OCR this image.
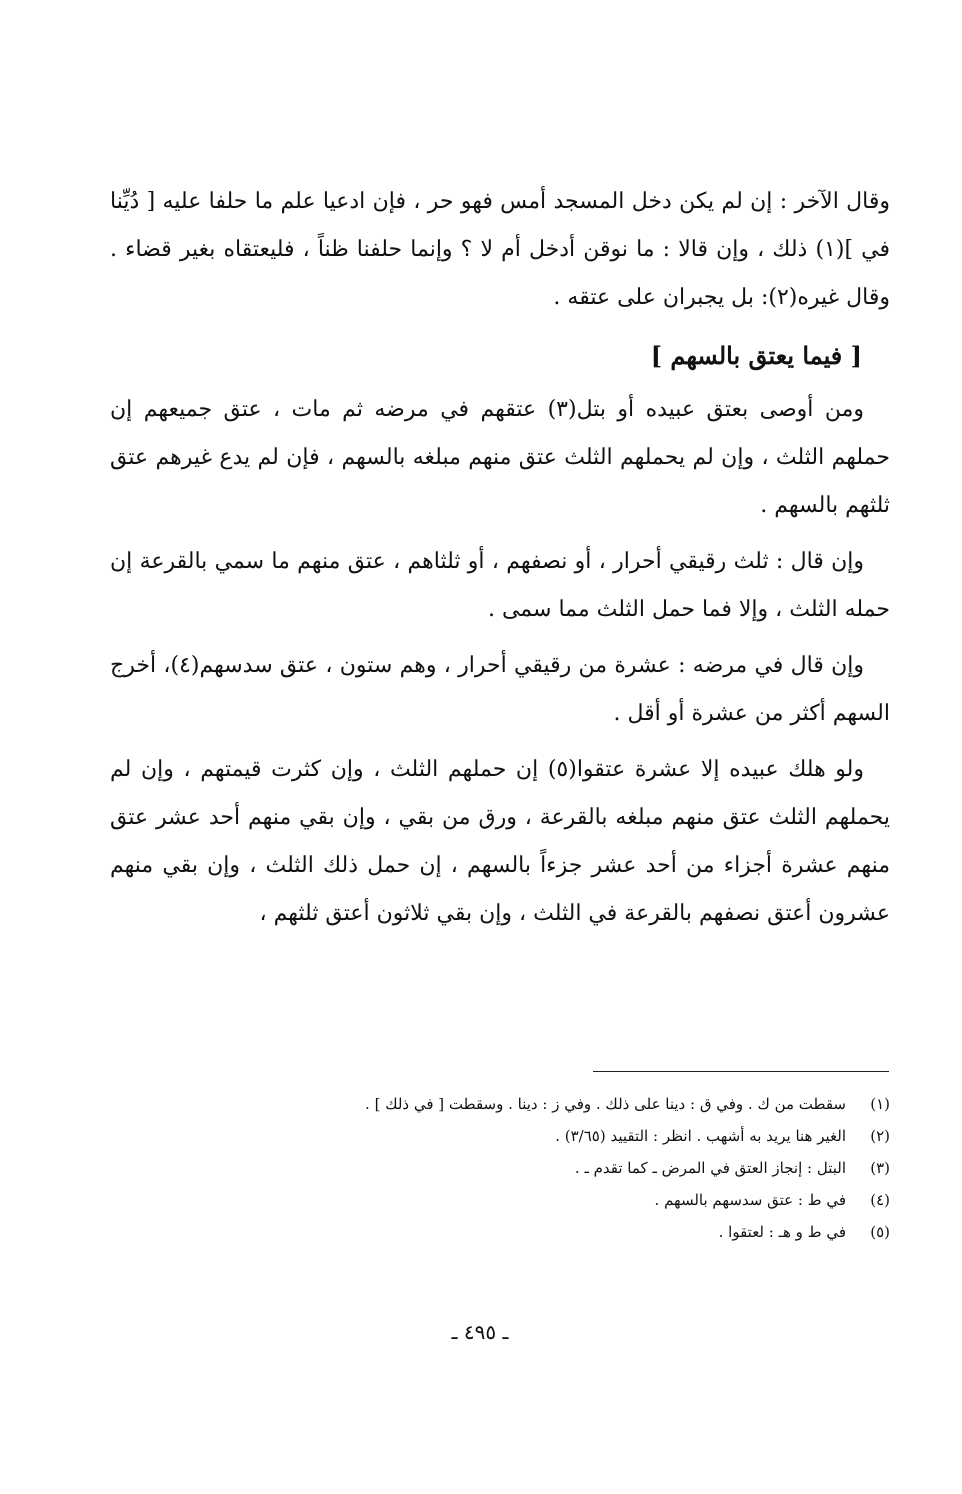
وقال الآخر : إن لم يكن دخل المسجد أمس فهو حر ، فإن ادعيا علم ما حلفا عليه [ دُيِّنا في ](١) ذلك ، وإن قالا : ما نوقن أدخل أم لا ؟ وإنما حلفنا ظناً ، فليعتقاه بغير قضاء . وقال غيره(٢): بل يجبران على عتقه .

[ فيما يعتق بالسهم ]

ومن أوصى بعتق عبيده أو بتل(٣) عتقهم في مرضه ثم مات ، عتق جميعهم إن حملهم الثلث ، وإن لم يحملهم الثلث عتق منهم مبلغه بالسهم ، فإن لم يدع غيرهم عتق ثلثهم بالسهم .

وإن قال : ثلث رقيقي أحرار ، أو نصفهم ، أو ثلثاهم ، عتق منهم ما سمي بالقرعة إن حمله الثلث ، وإلا فما حمل الثلث مما سمى .

وإن قال في مرضه : عشرة من رقيقي أحرار ، وهم ستون ، عتق سدسهم(٤)، أخرج السهم أكثر من عشرة أو أقل .

ولو هلك عبيده إلا عشرة عتقوا(٥) إن حملهم الثلث ، وإن كثرت قيمتهم ، وإن لم يحملهم الثلث عتق منهم مبلغه بالقرعة ، ورق من بقي ، وإن بقي منهم أحد عشر عتق منهم عشرة أجزاء من أحد عشر جزءاً بالسهم ، إن حمل ذلك الثلث ، وإن بقي منهم عشرون أعتق نصفهم بالقرعة في الثلث ، وإن بقي ثلاثون أعتق ثلثهم ،

(١)سقطت من ك . وفي ق : دينا على ذلك . وفي ز : دينا . وسقطت [ في ذلك ] .
(٢)الغير هنا يريد به أشهب . انظر : التقييد (٣/٦٥) .
(٣)البتل : إنجاز العتق في المرض ـ كما تقدم ـ .
(٤)في ط : عتق سدسهم بالسهم .
(٥)في ط و هـ : لعتقوا .
ـ ٤٩٥ ـ
